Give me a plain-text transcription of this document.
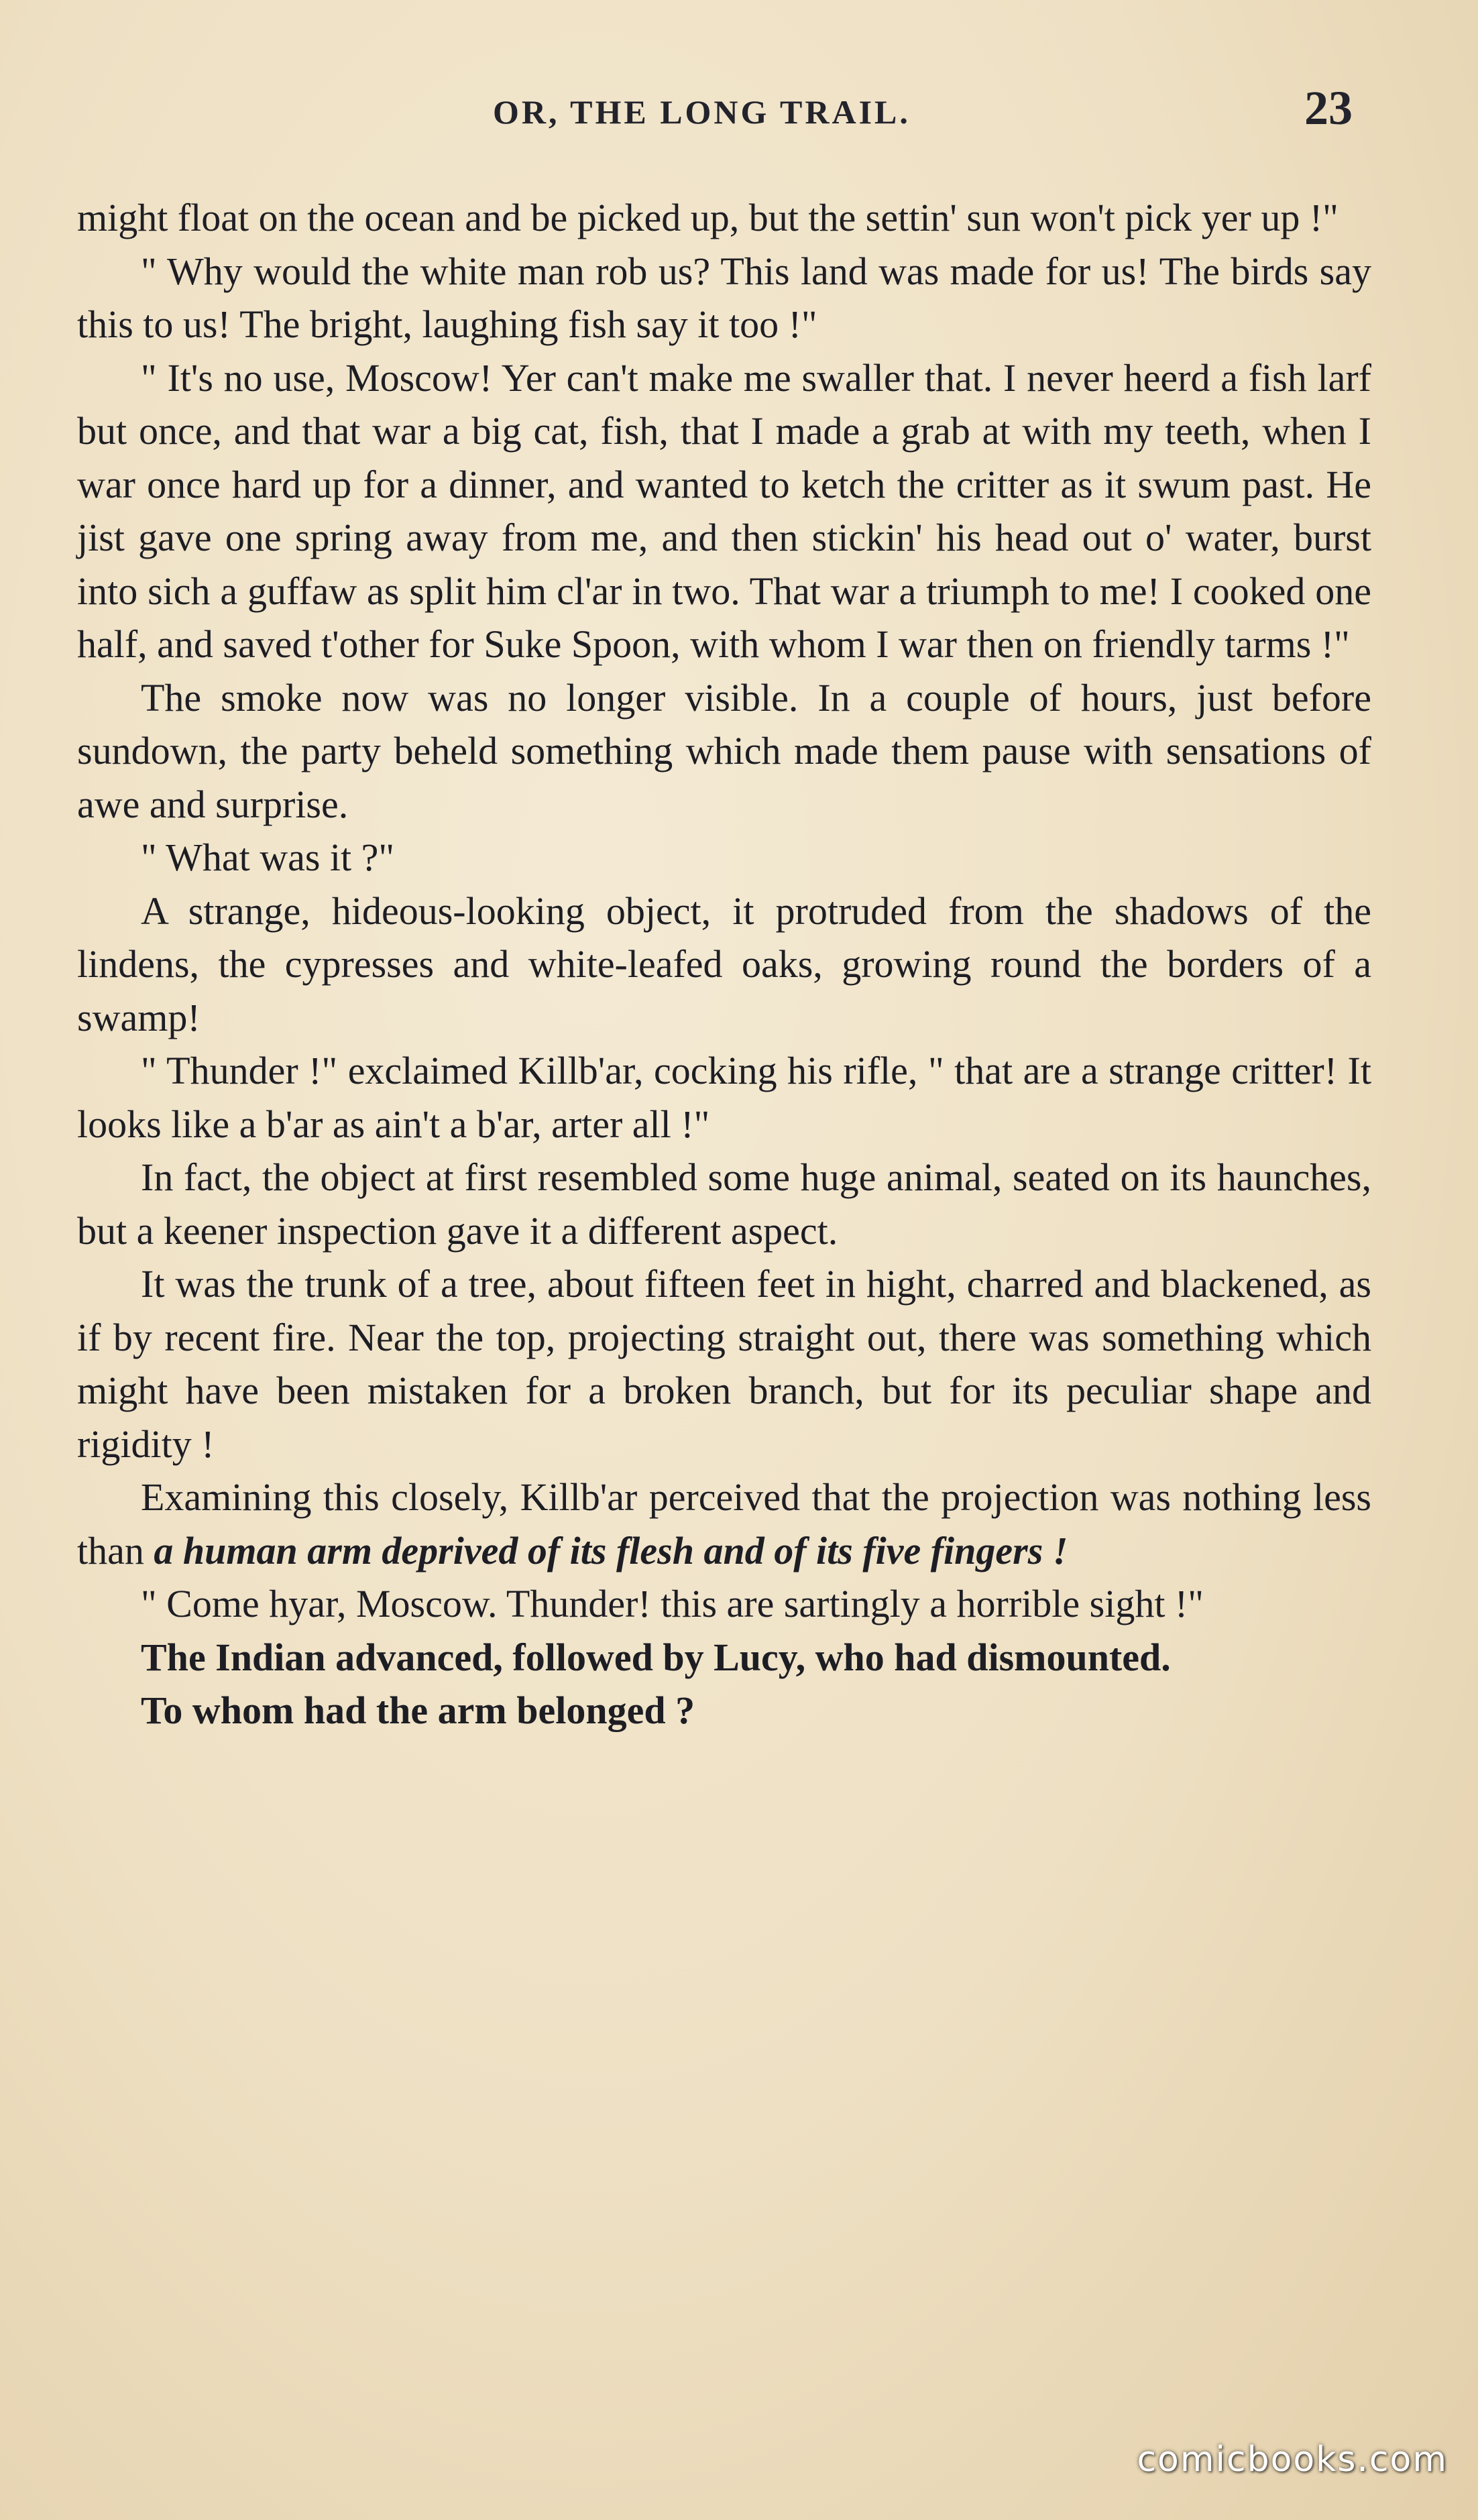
OR, THE LONG TRAIL.	23

might float on the ocean and be picked up, but the settin' sun won't pick yer up !"

" Why would the white man rob us? This land was made for us! The birds say this to us! The bright, laughing fish say it too !"

" It's no use, Moscow! Yer can't make me swaller that. I never heerd a fish larf but once, and that war a big cat, fish, that I made a grab at with my teeth, when I war once hard up for a dinner, and wanted to ketch the critter as it swum past. He jist gave one spring away from me, and then stickin' his head out o' water, burst into sich a guffaw as split him cl'ar in two. That war a triumph to me! I cooked one half, and saved t'other for Suke Spoon, with whom I war then on friendly tarms !"

The smoke now was no longer visible. In a couple of hours, just before sundown, the party beheld something which made them pause with sensations of awe and surprise.

" What was it ?"

A strange, hideous-looking object, it protruded from the shadows of the lindens, the cypresses and white-leafed oaks, growing round the borders of a swamp!

" Thunder !" exclaimed Killb'ar, cocking his rifle, " that are a strange critter! It looks like a b'ar as ain't a b'ar, arter all !"

In fact, the object at first resembled some huge animal, seated on its haunches, but a keener inspection gave it a different aspect.

It was the trunk of a tree, about fifteen feet in hight, charred and blackened, as if by recent fire. Near the top, projecting straight out, there was something which might have been mistaken for a broken branch, but for its peculiar shape and rigidity !

Examining this closely, Killb'ar perceived that the projection was nothing less than a human arm deprived of its flesh and of its five fingers !

" Come hyar, Moscow. Thunder! this are sartingly a horrible sight !"

The Indian advanced, followed by Lucy, who had dismounted.

To whom had the arm belonged ?

comicbooks.com
